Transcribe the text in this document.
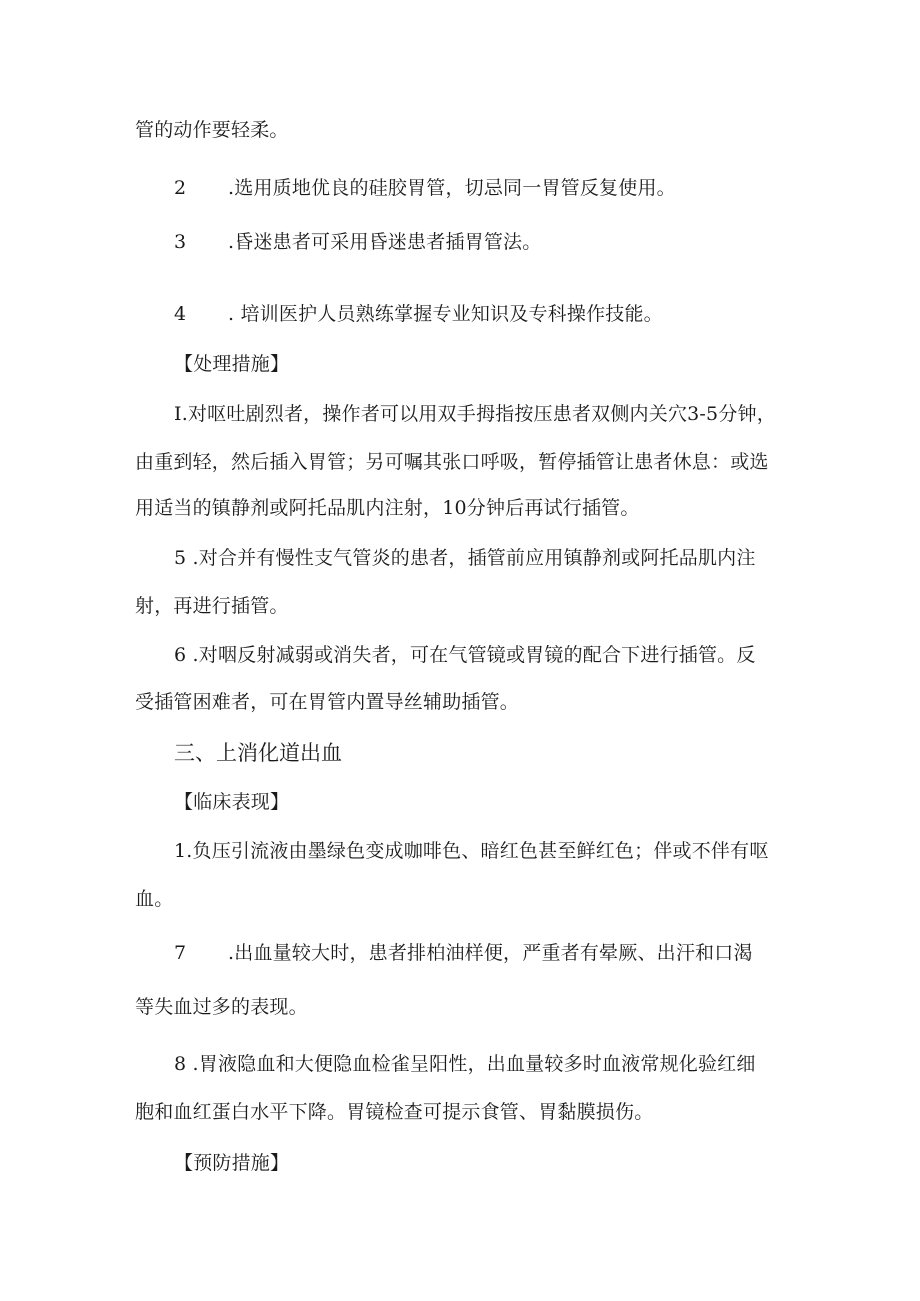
管的动作要轻柔。
2 .选用质地优良的硅胶胃管，切忌同一胃管反复使用。
3 .昏迷患者可采用昏迷患者插胃管法。
4 . 培训医护人员熟练掌握专业知识及专科操作技能。
【处理措施】
I.对呕吐剧烈者，操作者可以用双手拇指按压患者双侧内关穴3-5分钟，
由重到轻，然后插入胃管；另可嘱其张口呼吸，暂停插管让患者休息：或选
用适当的镇静剂或阿托品肌内注射，10分钟后再试行插管。
5 .对合并有慢性支气管炎的患者，插管前应用镇静剂或阿托品肌内注
射，再进行插管。
6 .对咽反射减弱或消失者，可在气管镜或胃镜的配合下进行插管。反
受插管困难者，可在胃管内置导丝辅助插管。
三、上消化道出血
【临床表现】
1.负压引流液由墨绿色变成咖啡色、暗红色甚至鲜红色；伴或不伴有呕
血。
7 .出血量较大时，患者排柏油样便，严重者有晕厥、出汗和口渴
等失血过多的表现。
8 .胃液隐血和大便隐血检雀呈阳性，出血量较多时血液常规化验红细
胞和血红蛋白水平下降。胃镜检查可提示食管、胃黏膜损伤。
【预防措施】
